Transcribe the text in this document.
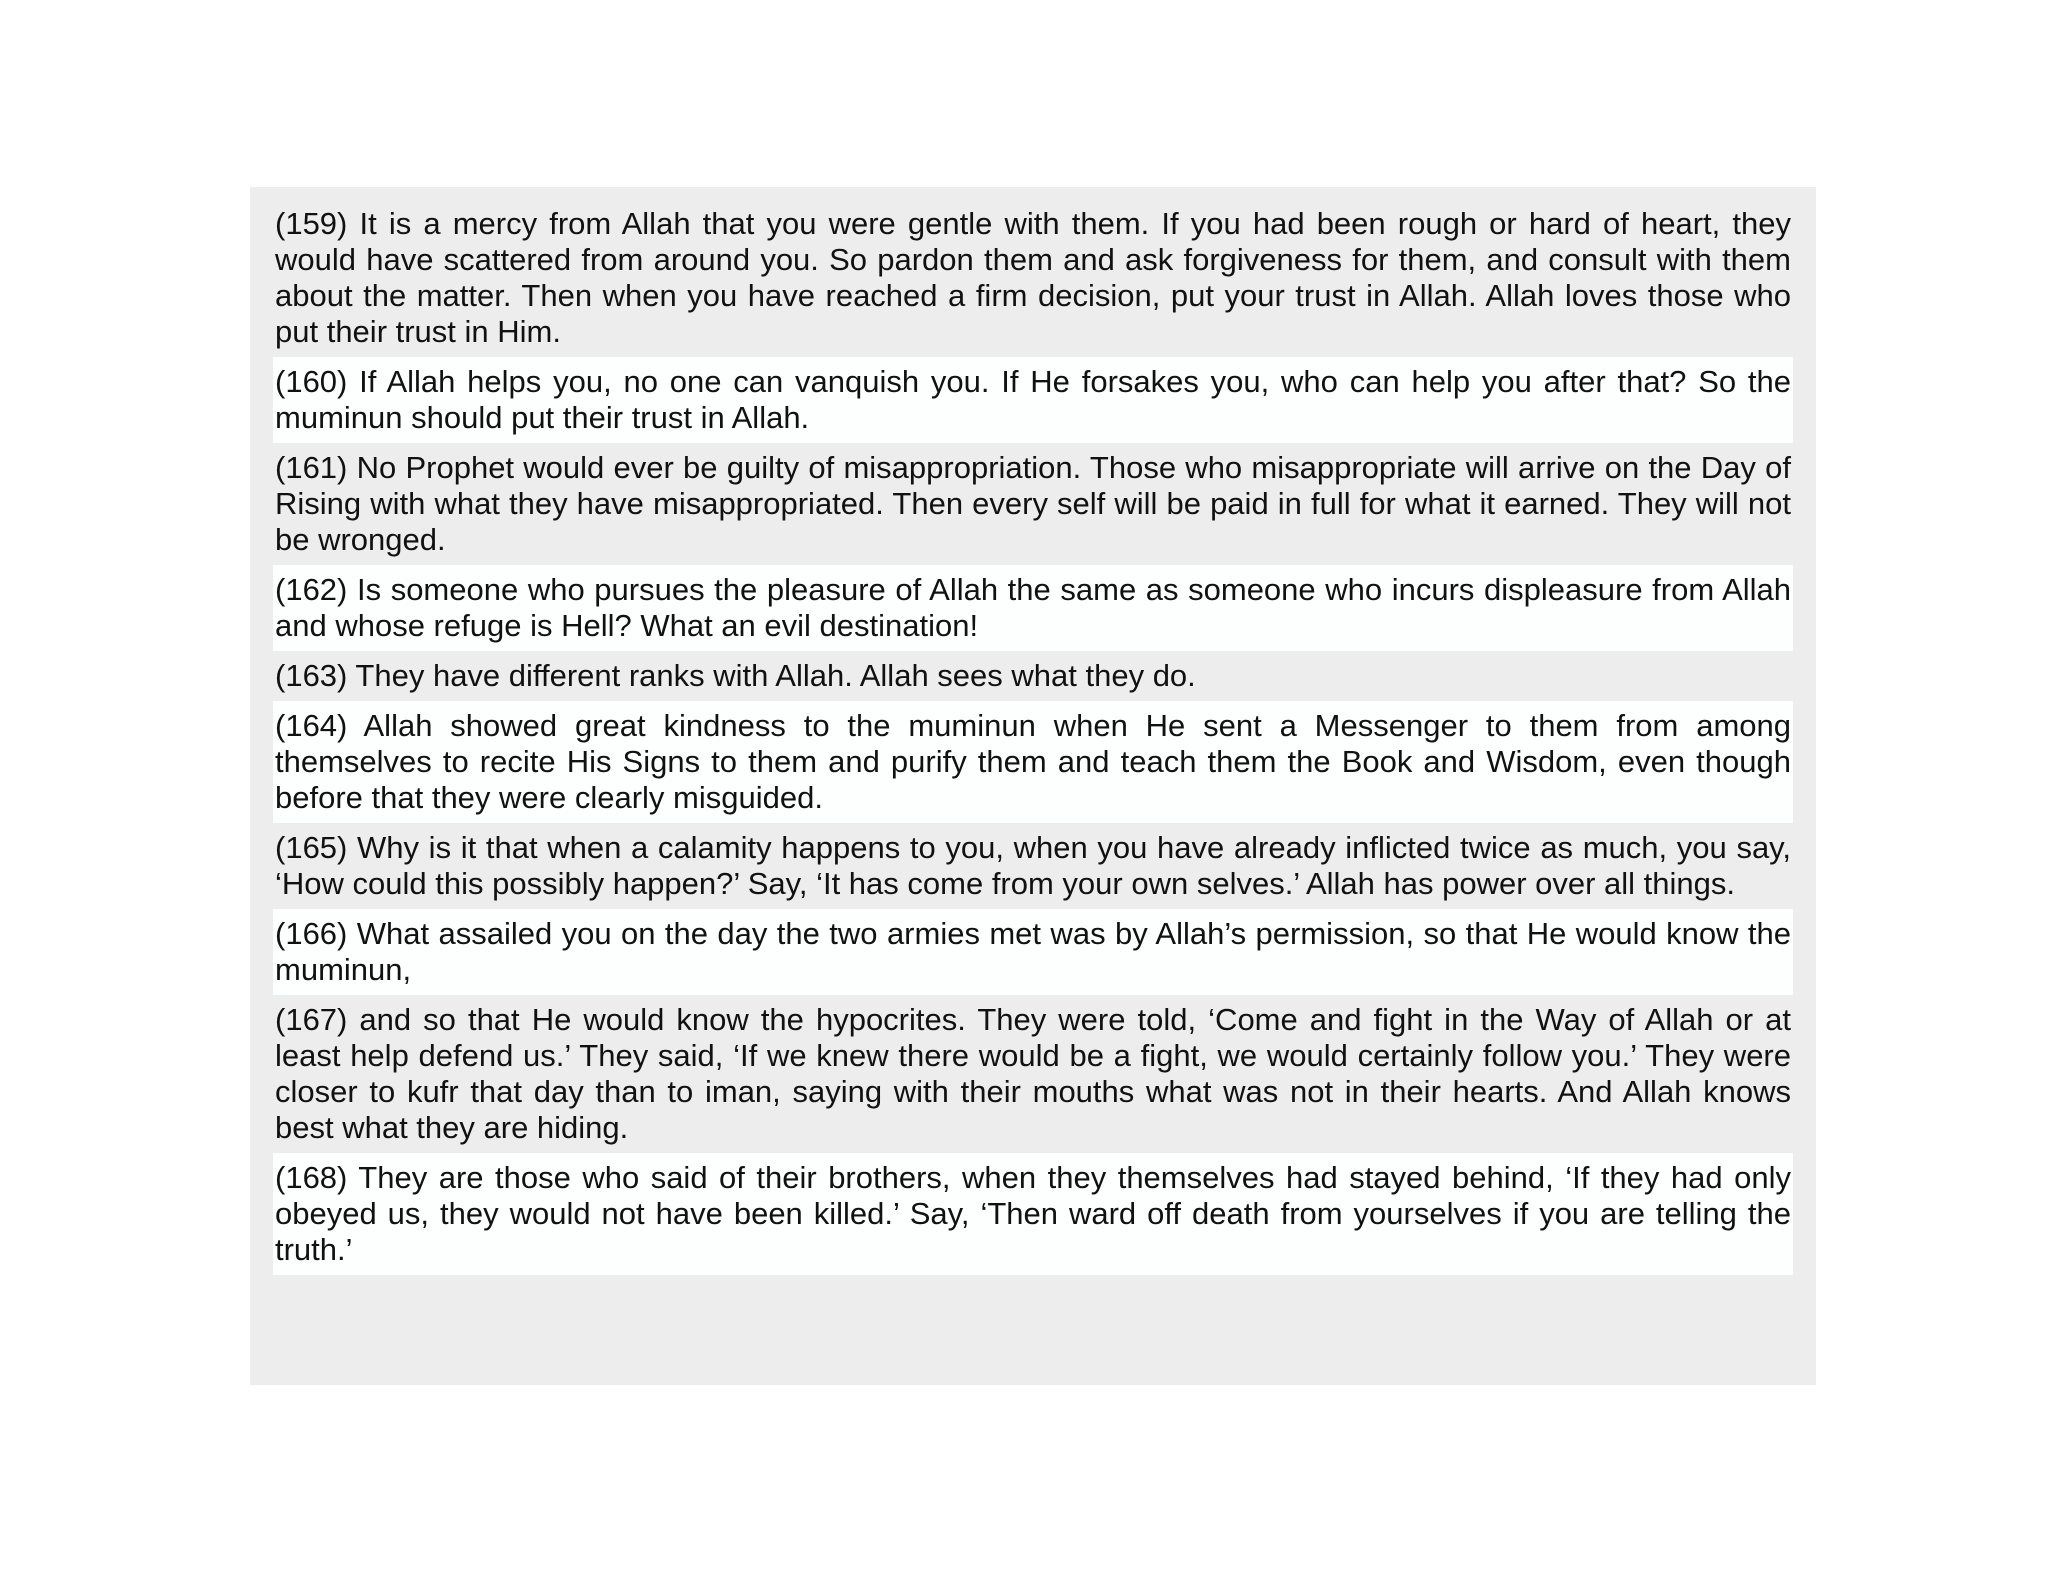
(159) It is a mercy from Allah that you were gentle with them. If you had been rough or hard of heart, they would have scattered from around you. So pardon them and ask forgiveness for them, and consult with them about the matter. Then when you have reached a firm decision, put your trust in Allah. Allah loves those who put their trust in Him.
(160) If Allah helps you, no one can vanquish you. If He forsakes you, who can help you after that? So the muminun should put their trust in Allah.
(161) No Prophet would ever be guilty of misappropriation. Those who misappropriate will arrive on the Day of Rising with what they have misappropriated. Then every self will be paid in full for what it earned. They will not be wronged.
(162) Is someone who pursues the pleasure of Allah the same as someone who incurs displeasure from Allah and whose refuge is Hell? What an evil destination!
(163) They have different ranks with Allah. Allah sees what they do.
(164) Allah showed great kindness to the muminun when He sent a Messenger to them from among themselves to recite His Signs to them and purify them and teach them the Book and Wisdom, even though before that they were clearly misguided.
(165) Why is it that when a calamity happens to you, when you have already inflicted twice as much, you say, ‘How could this possibly happen?’ Say, ‘It has come from your own selves.’ Allah has power over all things.
(166) What assailed you on the day the two armies met was by Allah’s permission, so that He would know the muminun,
(167) and so that He would know the hypocrites. They were told, ‘Come and fight in the Way of Allah or at least help defend us.’ They said, ‘If we knew there would be a fight, we would certainly follow you.’ They were closer to kufr that day than to iman, saying with their mouths what was not in their hearts. And Allah knows best what they are hiding.
(168) They are those who said of their brothers, when they themselves had stayed behind, ‘If they had only obeyed us, they would not have been killed.’ Say, ‘Then ward off death from yourselves if you are telling the truth.’
